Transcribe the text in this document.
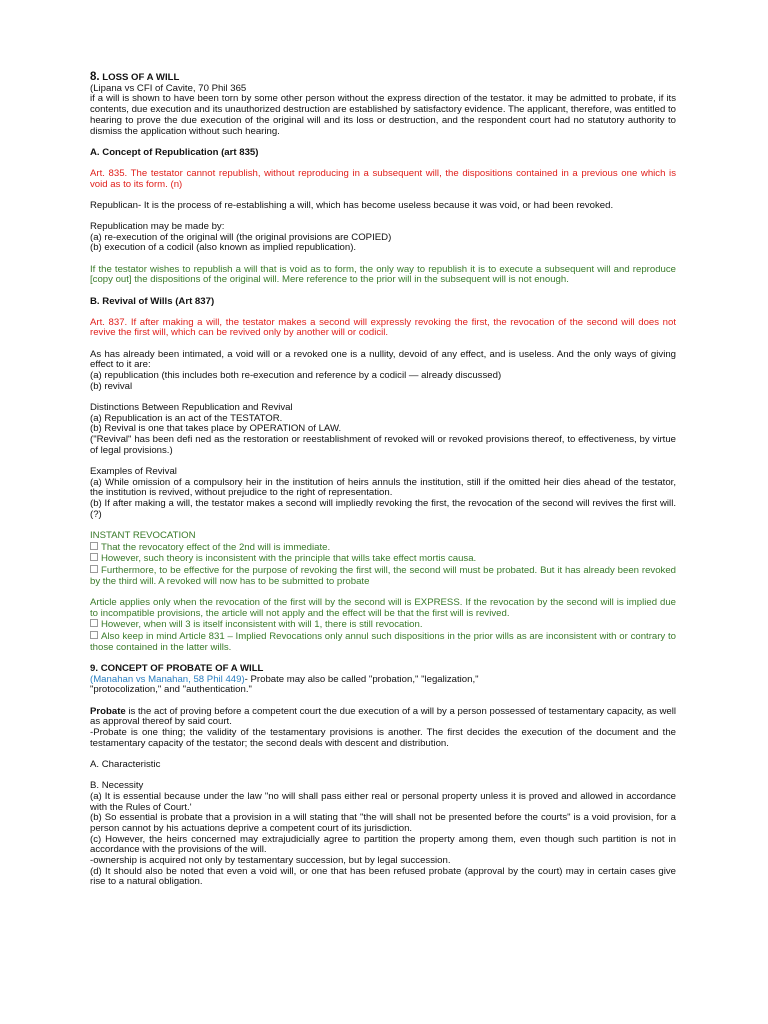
8. LOSS OF A WILL

(Lipana vs CFI of Cavite, 70 Phil 365

if a will is shown to have been torn by some other person without the express direction of the testator. it may be admitted to probate, if its contents, due execution and its unauthorized destruction are established by satisfactory evidence. The applicant, therefore, was entitled to hearing to prove the due execution of the original will and its loss or destruction, and the respondent court had no statutory authority to dismiss the application without such hearing.

A. Concept of Republication (art 835)

Art. 835. The testator cannot republish, without reproducing in a subsequent will, the dispositions contained in a previous one which is void as to its form. (n)

Republican- It is the process of re-establishing a will, which has become useless because it was void, or had been revoked.

Republication may be made by:

(a) re-execution of the original will (the original provisions are COPIED)

(b) execution of a codicil (also known as implied republication).

If the testator wishes to republish a will that is void as to form, the only way to republish it is to execute a subsequent will and reproduce [copy out] the dispositions of the original will. Mere reference to the prior will in the subsequent will is not enough.

B. Revival of Wills (Art 837)

Art. 837. If after making a will, the testator makes a second will expressly revoking the first, the revocation of the second will does not revive the first will, which can be revived only by another will or codicil.

As has already been intimated, a void will or a revoked one is a nullity, devoid of any effect, and is useless. And the only ways of giving effect to it are:

(a) republication (this includes both re-execution and reference by a codicil — already discussed)

(b) revival

Distinctions Between Republication and Revival

(a) Republication is an act of the TESTATOR.

(b) Revival is one that takes place by OPERATION of LAW.

("Revival" has been defi ned as the restoration or reestablishment of revoked will or revoked provisions thereof, to effectiveness, by virtue of legal provisions.)

Examples of Revival

(a) While omission of a compulsory heir in the institution of heirs annuls the institution, still if the omitted heir dies ahead of the testator, the institution is revived, without prejudice to the right of representation.

(b) If after making a will, the testator makes a second will impliedly revoking the first, the revocation of the second will revives the first will. (?)

INSTANT REVOCATION

That the revocatory effect of the 2nd will is immediate.

However, such theory is inconsistent with the principle that wills take effect mortis causa.

Furthermore, to be effective for the purpose of revoking the first will, the second will must be probated. But it has already been revoked by the third will. A revoked will now has to be submitted to probate

Article applies only when the revocation of the first will by the second will is EXPRESS. If the revocation by the second will is implied due to incompatible provisions, the article will not apply and the effect will be that the first will is revived.

However, when will 3 is itself inconsistent with will 1, there is still revocation.

Also keep in mind Article 831 – Implied Revocations only annul such dispositions in the prior wills as are inconsistent with or contrary to those contained in the latter wills.

9. CONCEPT OF PROBATE OF A WILL

(Manahan vs Manahan, 58 Phil 449)- Probate may also be called "probation," "legalization,"

"protocolization," and "authentication."

Probate is the act of proving before a competent court the due execution of a will by a person possessed of testamentary capacity, as well as approval thereof by said court.

-Probate is one thing; the validity of the testamentary provisions is another. The first decides the execution of the document and the testamentary capacity of the testator; the second deals with descent and distribution.

A. Characteristic

B. Necessity

(a) It is essential because under the law "no will shall pass either real or personal property unless it is proved and allowed in accordance with the Rules of Court.'

(b) So essential is probate that a provision in a will stating that "the will shall not be presented before the courts" is a void provision, for a person cannot by his actuations deprive a competent court of its jurisdiction.

(c) However, the heirs concerned may extrajudicially agree to partition the property among them, even though such partition is not in accordance with the provisions of the will.

-ownership is acquired not only by testamentary succession, but by legal succession.

(d) It should also be noted that even a void will, or one that has been refused probate (approval by the court) may in certain cases give rise to a natural obligation.
